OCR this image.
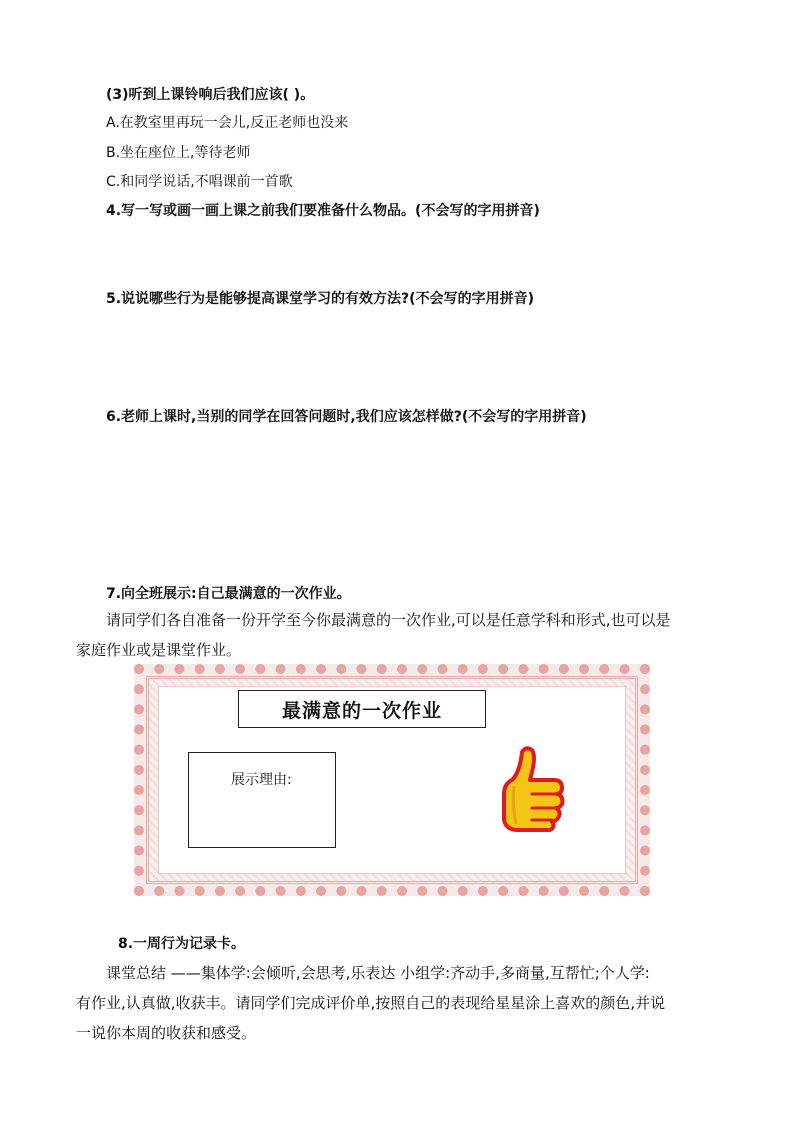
(3)听到上课铃响后我们应该( )。
A.在教室里再玩一会儿,反正老师也没来
B.坐在座位上,等待老师
C.和同学说话,不唱课前一首歌
4.写一写或画一画上课之前我们要准备什么物品。(不会写的字用拼音)
5.说说哪些行为是能够提高课堂学习的有效方法?(不会写的字用拼音)
6.老师上课时,当别的同学在回答问题时,我们应该怎样做?(不会写的字用拼音)
7.向全班展示:自己最满意的一次作业。
请同学们各自准备一份开学至今你最满意的一次作业,可以是任意学科和形式,也可以是
家庭作业或是课堂作业。
最满意的一次作业
展示理由:
8.一周行为记录卡。
课堂总结 ——集体学:会倾听,会思考,乐表达 小组学:齐动手,多商量,互帮忙;个人学:
有作业,认真做,收获丰。请同学们完成评价单,按照自己的表现给星星涂上喜欢的颜色,并说
一说你本周的收获和感受。
